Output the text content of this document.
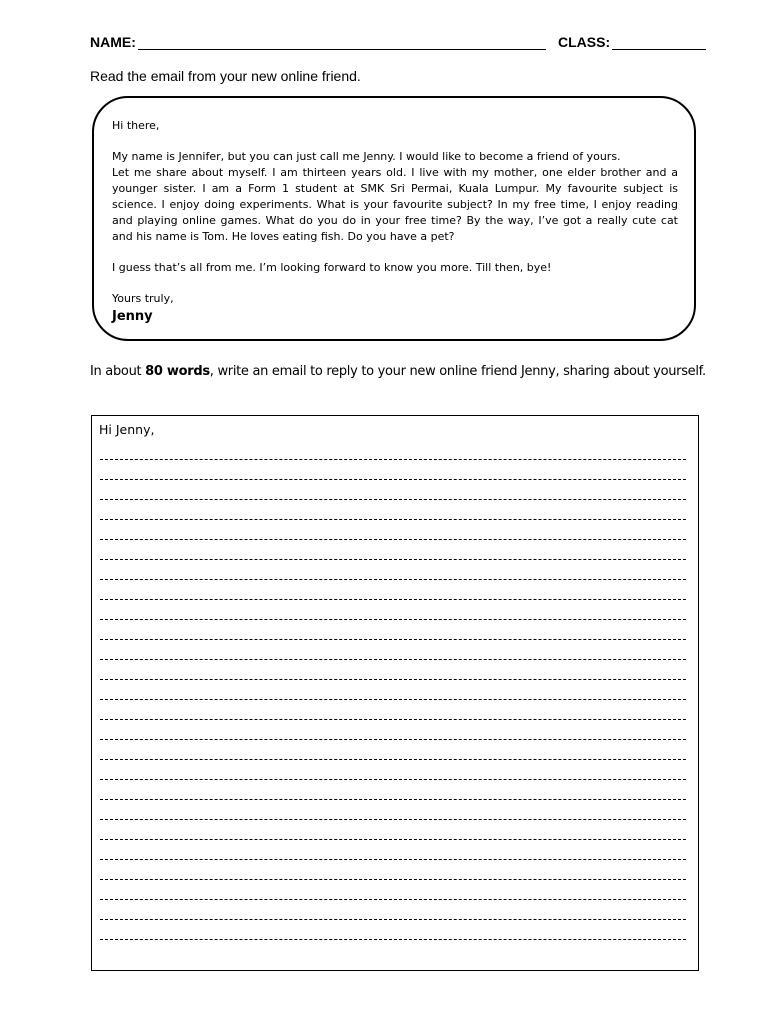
NAME:	CLASS:
Read the email from your new online friend.

Hi there,

My name is Jennifer, but you can just call me Jenny. I would like to become a friend of yours.

Let me share about myself. I am thirteen years old. I live with my mother, one elder brother and a younger sister. I am a Form 1 student at SMK Sri Permai, Kuala Lumpur. My favourite subject is science. I enjoy doing experiments. What is your favourite subject? In my free time, I enjoy reading and playing online games. What do you do in your free time? By the way, I’ve got a really cute cat and his name is Tom. He loves eating fish. Do you have a pet?

I guess that’s all from me. I’m looking forward to know you more. Till then, bye!

Yours truly,

Jenny
In about 80 words, write an email to reply to your new online friend Jenny, sharing about yourself.
Hi Jenny,
